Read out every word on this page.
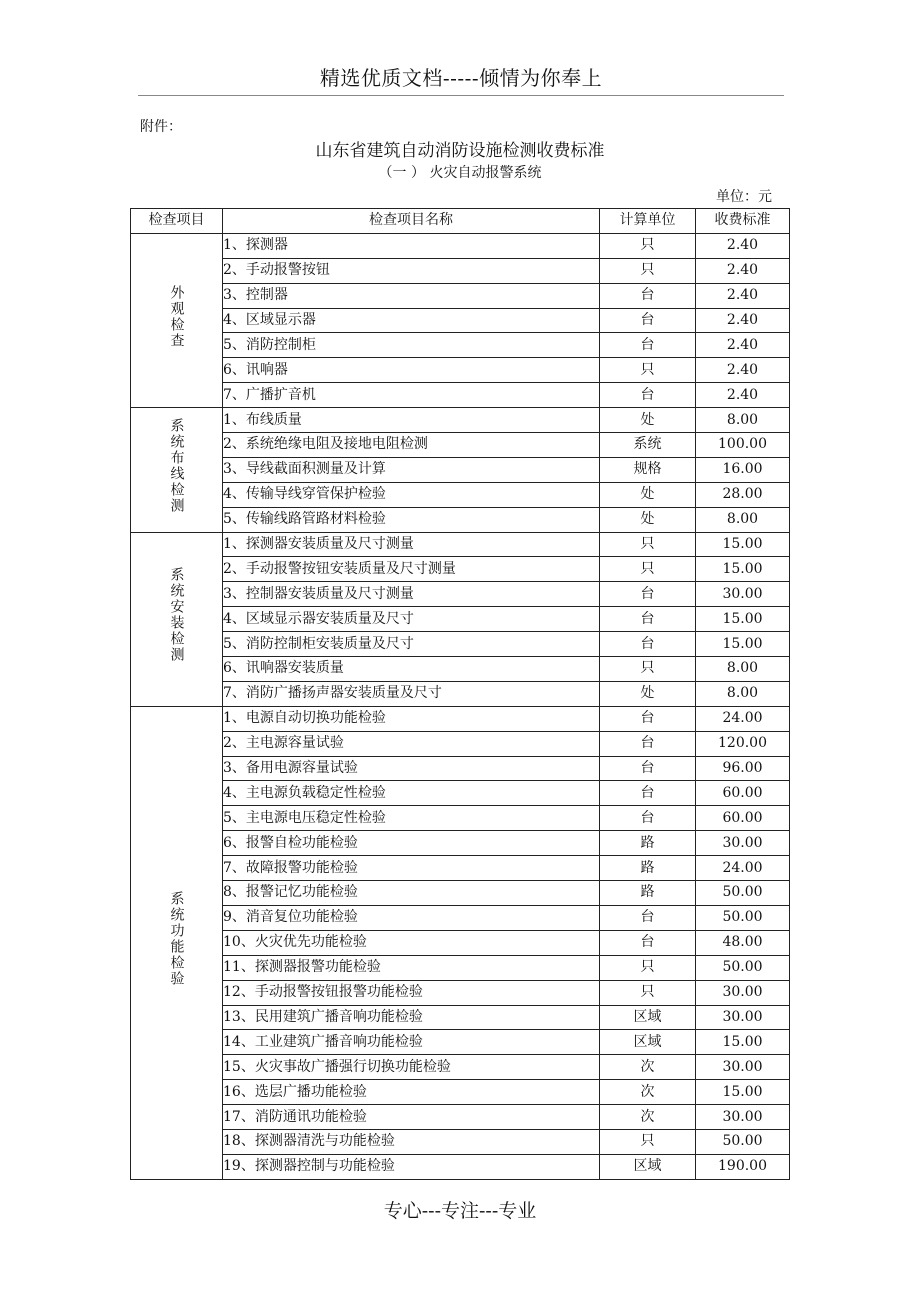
精选优质文档-----倾情为你奉上
附件：
山东省建筑自动消防设施检测收费标准
（一 ） 火灾自动报警系统
单位：元
检查项目	检查项目名称	计算单位	收费标准
外观检查	1、探测器	只	2.40
	2、手动报警按钮	只	2.40
	3、控制器	台	2.40
	4、区域显示器	台	2.40
	5、消防控制柜	台	2.40
	6、讯响器	只	2.40
	7、广播扩音机	台	2.40
系统布线检测	1、布线质量	处	8.00
	2、系统绝缘电阻及接地电阻检测	系统	100.00
	3、导线截面积测量及计算	规格	16.00
	4、传输导线穿管保护检验	处	28.00
	5、传输线路管路材料检验	处	8.00
系统安装检测	1、探测器安装质量及尺寸测量	只	15.00
	2、手动报警按钮安装质量及尺寸测量	只	15.00
	3、控制器安装质量及尺寸测量	台	30.00
	4、区域显示器安装质量及尺寸	台	15.00
	5、消防控制柜安装质量及尺寸	台	15.00
	6、讯响器安装质量	只	8.00
	7、消防广播扬声器安装质量及尺寸	处	8.00
系统功能检验	1、电源自动切换功能检验	台	24.00
	2、主电源容量试验	台	120.00
	3、备用电源容量试验	台	96.00
	4、主电源负载稳定性检验	台	60.00
	5、主电源电压稳定性检验	台	60.00
	6、报警自检功能检验	路	30.00
	7、故障报警功能检验	路	24.00
	8、报警记忆功能检验	路	50.00
	9、消音复位功能检验	台	50.00
	10、火灾优先功能检验	台	48.00
	11、探测器报警功能检验	只	50.00
	12、手动报警按钮报警功能检验	只	30.00
	13、民用建筑广播音响功能检验	区域	30.00
	14、工业建筑广播音响功能检验	区域	15.00
	15、火灾事故广播强行切换功能检验	次	30.00
	16、选层广播功能检验	次	15.00
	17、消防通讯功能检验	次	30.00
	18、探测器清洗与功能检验	只	50.00
	19、探测器控制与功能检验	区域	190.00
专心---专注---专业
